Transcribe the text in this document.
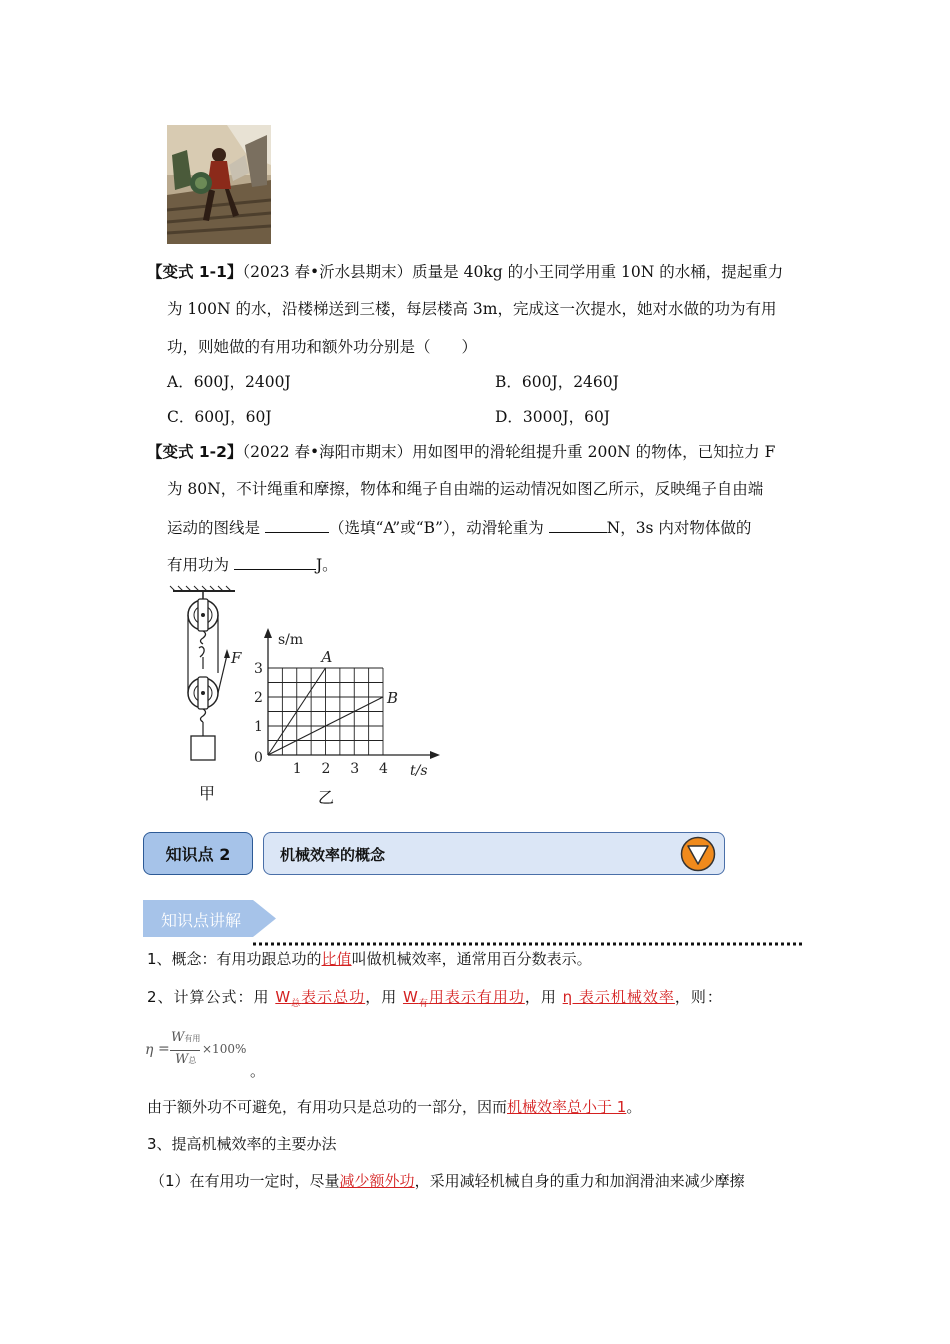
【变式 1-1】（2023 春•沂水县期末）质量是 40kg 的小王同学用重 10N 的水桶，提起重力
为 100N 的水，沿楼梯送到三楼，每层楼高 3m，完成这一次提水，她对水做的功为有用
功，则她做的有用功和额外功分别是（　　）
A．600J，2400J	B．600J，2460J
C．600J，60J	D．3000J，60J
【变式 1-2】（2022 春•海阳市期末）用如图甲的滑轮组提升重 200N 的物体，已知拉力 F
为 80N，不计绳重和摩擦，物体和绳子自由端的运动情况如图乙所示，反映绳子自由端
运动的图线是	（选填“A”或“B”），动滑轮重为	N，3s 内对物体做的
有用功为	J。
F
甲
A
B
1 2 3 4
1
2
3
s/m
t/s
0
乙
知识点 2	机械效率的概念
知识点讲解
1、概念：有用功跟总功的比值叫做机械效率，通常用百分数表示。
2、计算公式：用 $W_总$表示总功，用 $W_有$用表示有用功，用 η 表示机械效率，则：
η =
W有用
W总
×100%
。
由于额外功不可避免，有用功只是总功的一部分，因而机械效率总小于 1。
3、提高机械效率的主要办法
（1）在有用功一定时，尽量减少额外功，采用减轻机械自身的重力和加润滑油来减少摩擦
